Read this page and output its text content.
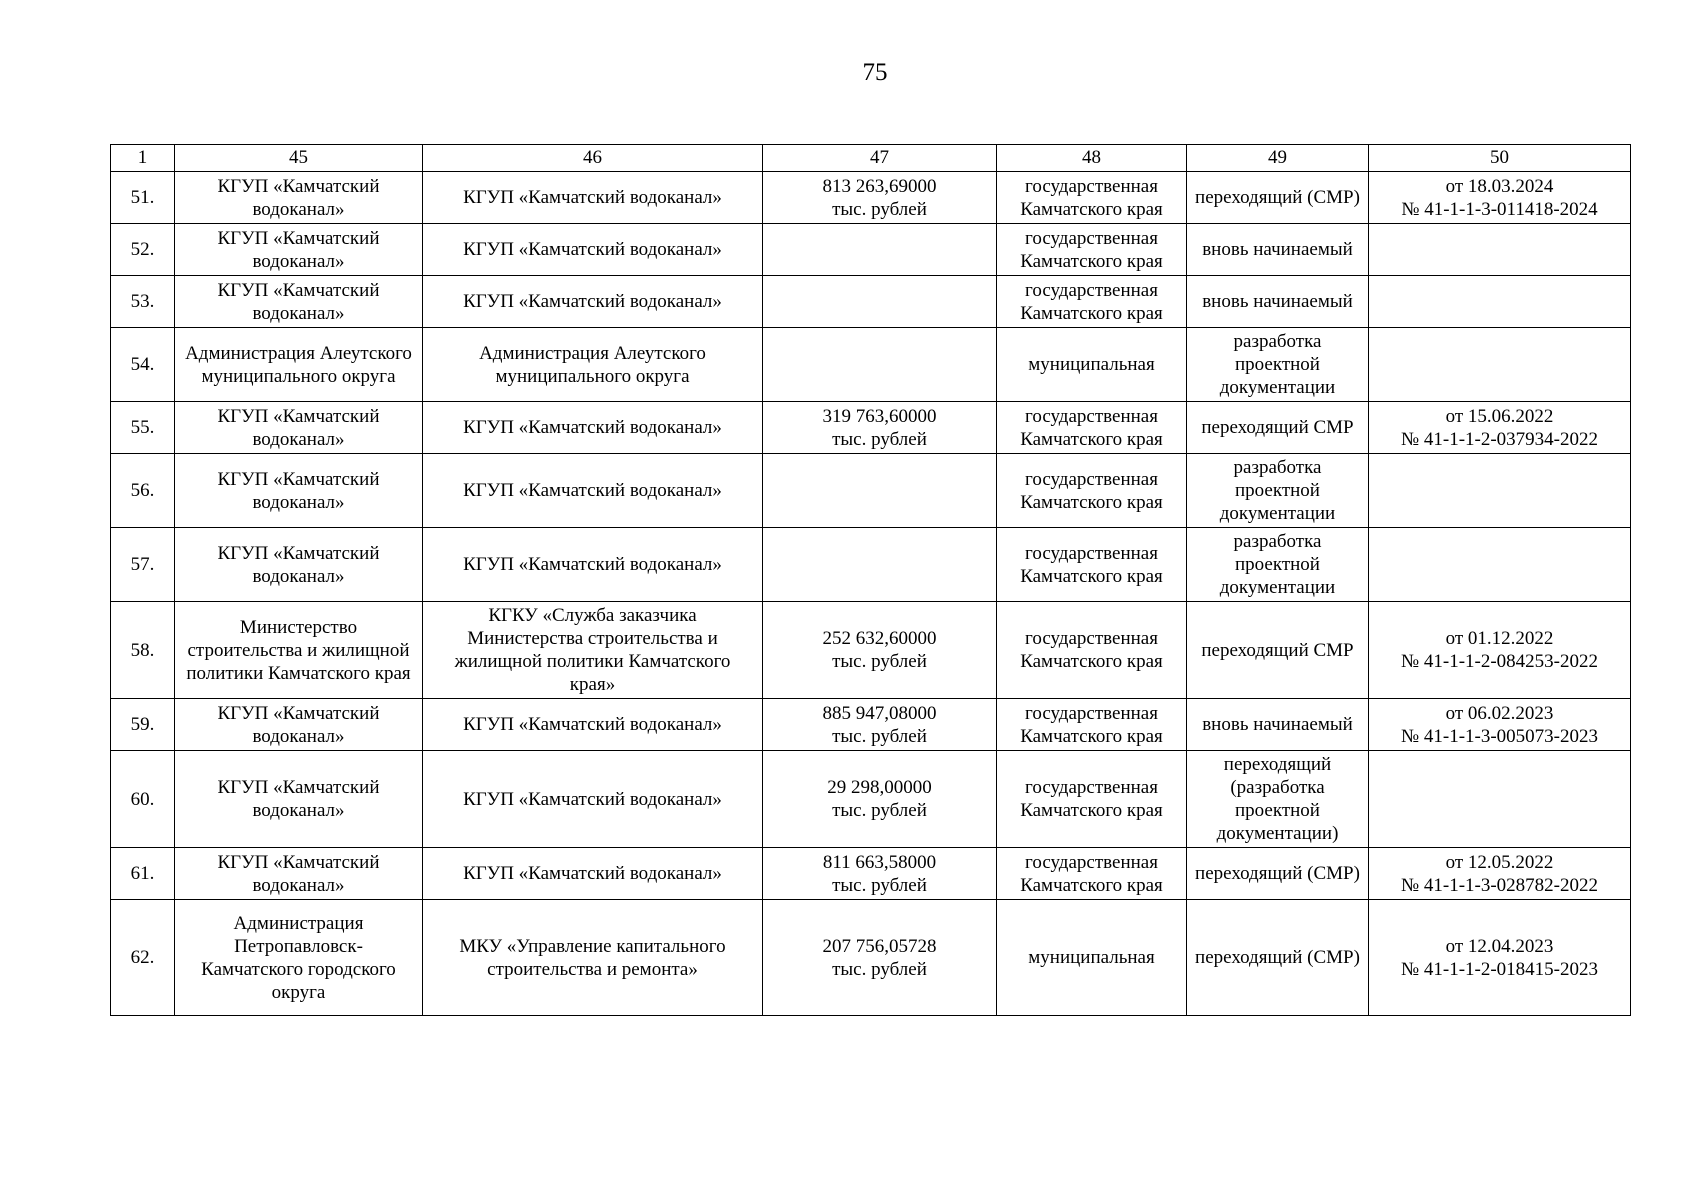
75
1	45	46	47	48	49	50
51.	КГУП «Камчатский
водоканал»	КГУП «Камчатский водоканал»	813 263,69000
тыс. рублей	государственная
Камчатского края	переходящий (СМР)	от 18.03.2024
№ 41-1-1-3-011418-2024
52.	КГУП «Камчатский
водоканал»	КГУП «Камчатский водоканал»		государственная
Камчатского края	вновь начинаемый	
53.	КГУП «Камчатский
водоканал»	КГУП «Камчатский водоканал»		государственная
Камчатского края	вновь начинаемый	
54.	Администрация Алеутского
муниципального округа	Администрация Алеутского
муниципального округа		муниципальная	разработка
проектной
документации	
55.	КГУП «Камчатский
водоканал»	КГУП «Камчатский водоканал»	319 763,60000
тыс. рублей	государственная
Камчатского края	переходящий СМР	от 15.06.2022
№ 41-1-1-2-037934-2022
56.	КГУП «Камчатский
водоканал»	КГУП «Камчатский водоканал»		государственная
Камчатского края	разработка
проектной
документации	
57.	КГУП «Камчатский
водоканал»	КГУП «Камчатский водоканал»		государственная
Камчатского края	разработка
проектной
документации	
58.	Министерство
строительства и жилищной
политики Камчатского края	КГКУ «Служба заказчика
Министерства строительства и
жилищной политики Камчатского
края»	252 632,60000
тыс. рублей	государственная
Камчатского края	переходящий СМР	от 01.12.2022
№ 41-1-1-2-084253-2022
59.	КГУП «Камчатский
водоканал»	КГУП «Камчатский водоканал»	885 947,08000
тыс. рублей	государственная
Камчатского края	вновь начинаемый	от 06.02.2023
№ 41-1-1-3-005073-2023
60.	КГУП «Камчатский
водоканал»	КГУП «Камчатский водоканал»	29 298,00000
тыс. рублей	государственная
Камчатского края	переходящий
(разработка
проектной
документации)	
61.	КГУП «Камчатский
водоканал»	КГУП «Камчатский водоканал»	811 663,58000
тыс. рублей	государственная
Камчатского края	переходящий (СМР)	от 12.05.2022
№ 41-1-1-3-028782-2022
62.	Администрация
Петропавловск-
Камчатского городского
округа	МКУ «Управление капитального
строительства и ремонта»	207 756,05728
тыс. рублей	муниципальная	переходящий (СМР)	от 12.04.2023
№ 41-1-1-2-018415-2023
